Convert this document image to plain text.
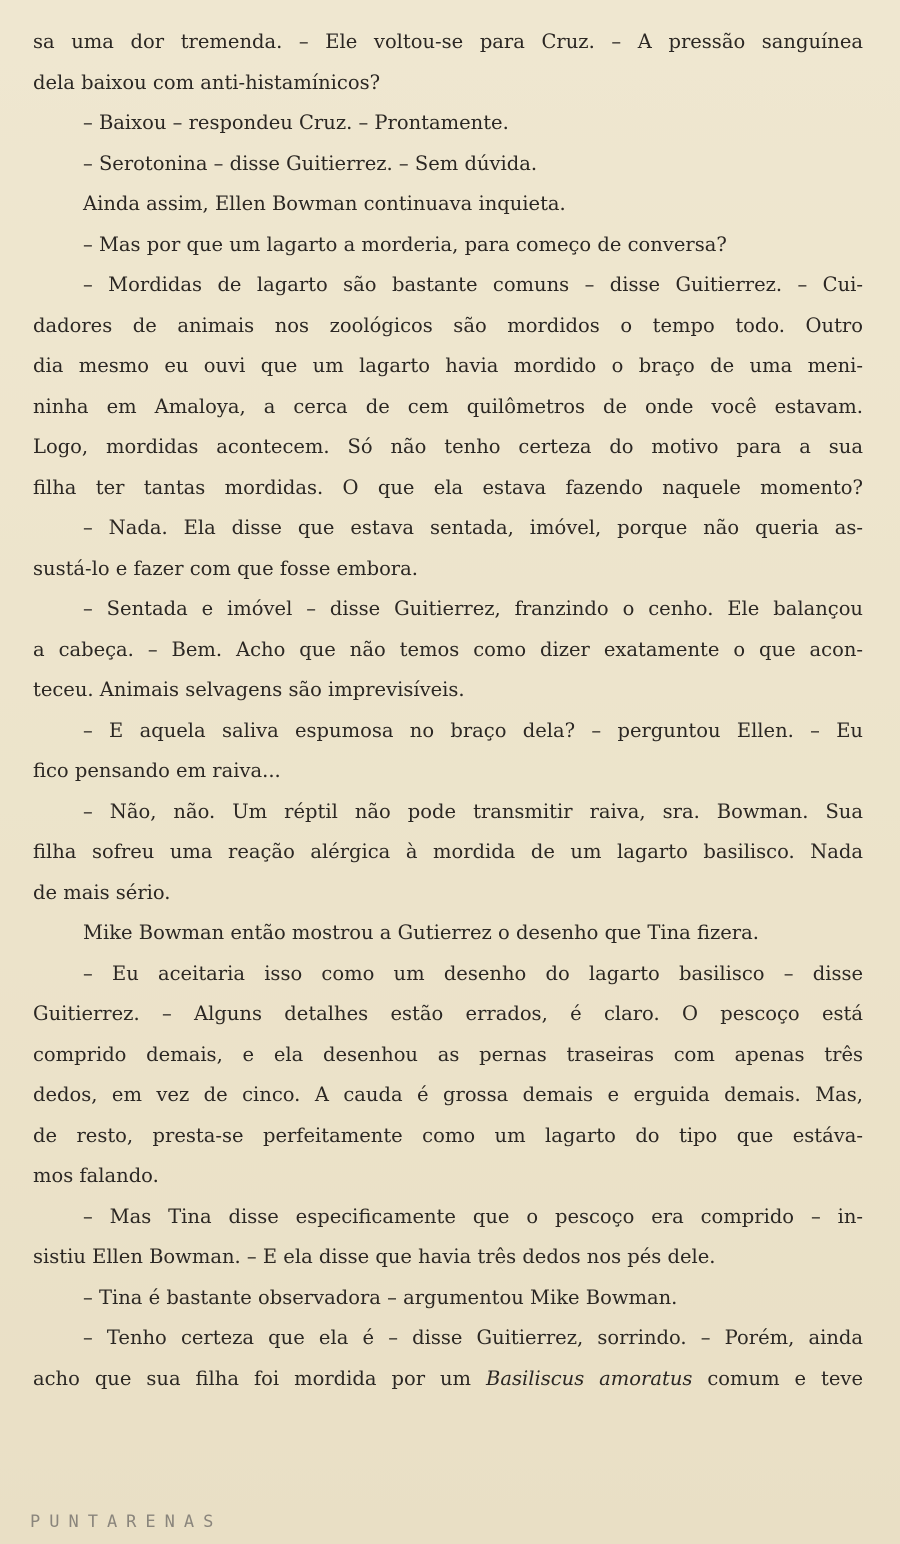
sa uma dor tremenda. – Ele voltou-se para Cruz. – A pressão sanguínea
dela baixou com anti-histamínicos?
– Baixou – respondeu Cruz. – Prontamente.
– Serotonina – disse Guitierrez. – Sem dúvida.
Ainda assim, Ellen Bowman continuava inquieta.
– Mas por que um lagarto a morderia, para começo de conversa?
– Mordidas de lagarto são bastante comuns – disse Guitierrez. – Cui-
dadores de animais nos zoológicos são mordidos o tempo todo. Outro
dia mesmo eu ouvi que um lagarto havia mordido o braço de uma meni-
ninha em Amaloya, a cerca de cem quilômetros de onde você estavam.
Logo, mordidas acontecem. Só não tenho certeza do motivo para a sua
filha ter tantas mordidas. O que ela estava fazendo naquele momento?
– Nada. Ela disse que estava sentada, imóvel, porque não queria as-
sustá-lo e fazer com que fosse embora.
– Sentada e imóvel – disse Guitierrez, franzindo o cenho. Ele balançou
a cabeça. – Bem. Acho que não temos como dizer exatamente o que acon-
teceu. Animais selvagens são imprevisíveis.
– E aquela saliva espumosa no braço dela? – perguntou Ellen. – Eu
fico pensando em raiva...
– Não, não. Um réptil não pode transmitir raiva, sra. Bowman. Sua
filha sofreu uma reação alérgica à mordida de um lagarto basilisco. Nada
de mais sério.
Mike Bowman então mostrou a Gutierrez o desenho que Tina fizera.
– Eu aceitaria isso como um desenho do lagarto basilisco – disse
Guitierrez. – Alguns detalhes estão errados, é claro. O pescoço está
comprido demais, e ela desenhou as pernas traseiras com apenas três
dedos, em vez de cinco. A cauda é grossa demais e erguida demais. Mas,
de resto, presta-se perfeitamente como um lagarto do tipo que estáva-
mos falando.
– Mas Tina disse especificamente que o pescoço era comprido – in-
sistiu Ellen Bowman. – E ela disse que havia três dedos nos pés dele.
– Tina é bastante observadora – argumentou Mike Bowman.
– Tenho certeza que ela é – disse Guitierrez, sorrindo. – Porém, ainda
acho que sua filha foi mordida por um Basiliscus amoratus comum e teve
PUNTARENAS
